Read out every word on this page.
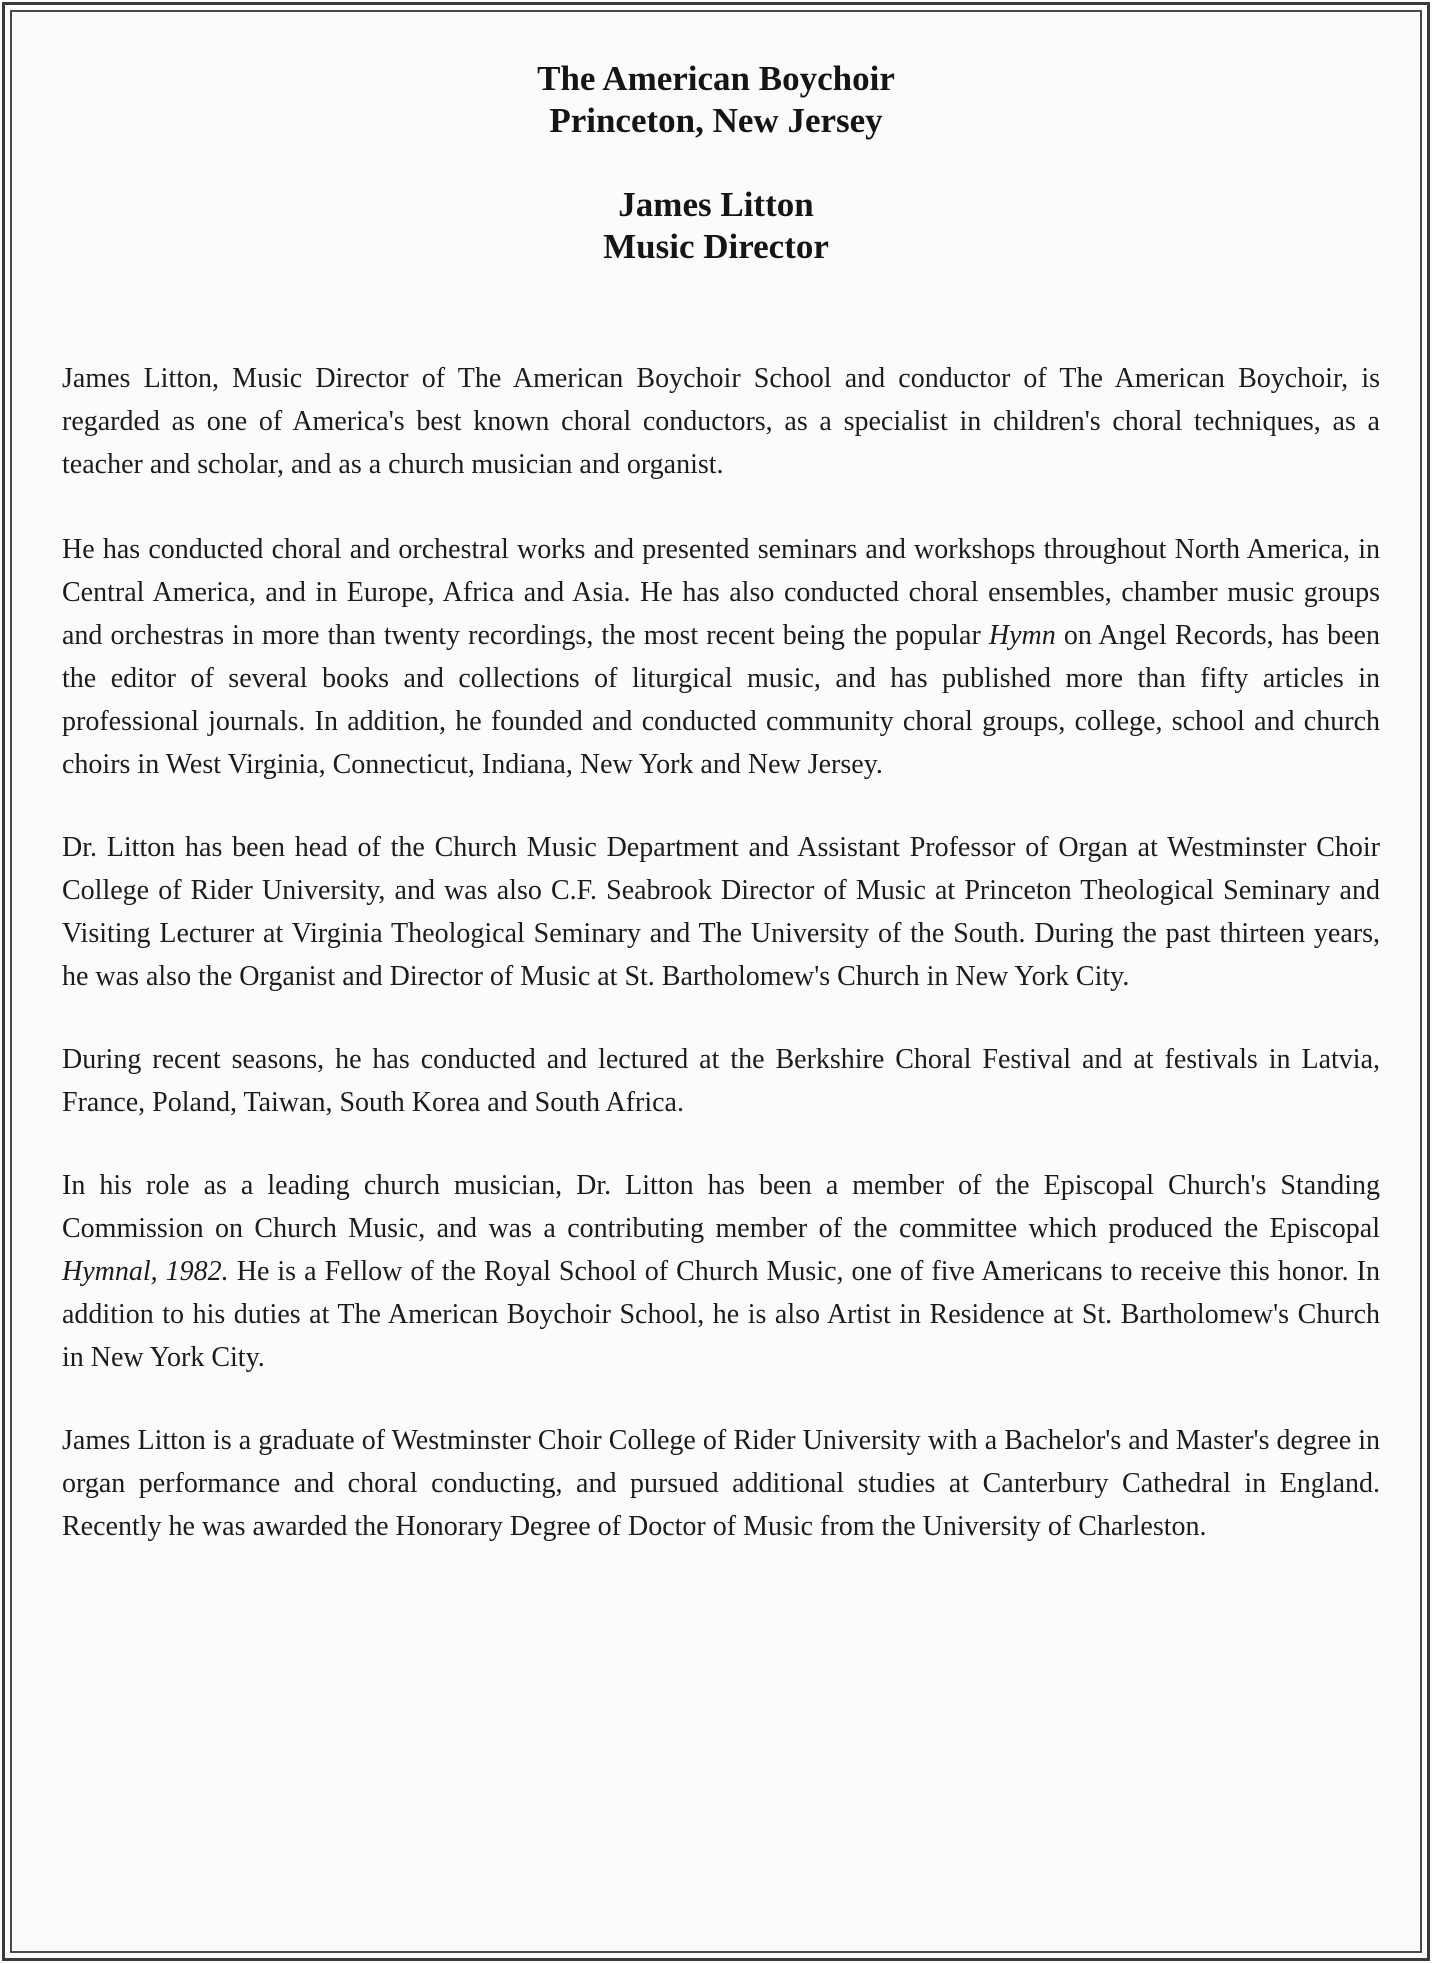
The American Boychoir
Princeton, New Jersey
James Litton
Music Director

James Litton, Music Director of The American Boychoir School and conductor of The American Boychoir, is regarded as one of America's best known choral conductors, as a specialist in children's choral techniques, as a teacher and scholar, and as a church musician and organist.

He has conducted choral and orchestral works and presented seminars and workshops throughout North America, in Central America, and in Europe, Africa and Asia. He has also conducted choral ensembles, chamber music groups and orchestras in more than twenty recordings, the most recent being the popular Hymn on Angel Records, has been the editor of several books and collections of liturgical music, and has published more than fifty articles in professional journals. In addition, he founded and conducted community choral groups, college, school and church choirs in West Virginia, Connecticut, Indiana, New York and New Jersey.

Dr. Litton has been head of the Church Music Department and Assistant Professor of Organ at Westminster Choir College of Rider University, and was also C.F. Seabrook Director of Music at Princeton Theological Seminary and Visiting Lecturer at Virginia Theological Seminary and The University of the South. During the past thirteen years, he was also the Organist and Director of Music at St. Bartholomew's Church in New York City.

During recent seasons, he has conducted and lectured at the Berkshire Choral Festival and at festivals in Latvia, France, Poland, Taiwan, South Korea and South Africa.

In his role as a leading church musician, Dr. Litton has been a member of the Episcopal Church's Standing Commission on Church Music, and was a contributing member of the committee which produced the Episcopal Hymnal, 1982. He is a Fellow of the Royal School of Church Music, one of five Americans to receive this honor. In addition to his duties at The American Boychoir School, he is also Artist in Residence at St. Bartholomew's Church in New York City.

James Litton is a graduate of Westminster Choir College of Rider University with a Bachelor's and Master's degree in organ performance and choral conducting, and pursued additional studies at Canterbury Cathedral in England. Recently he was awarded the Honorary Degree of Doctor of Music from the University of Charleston.
